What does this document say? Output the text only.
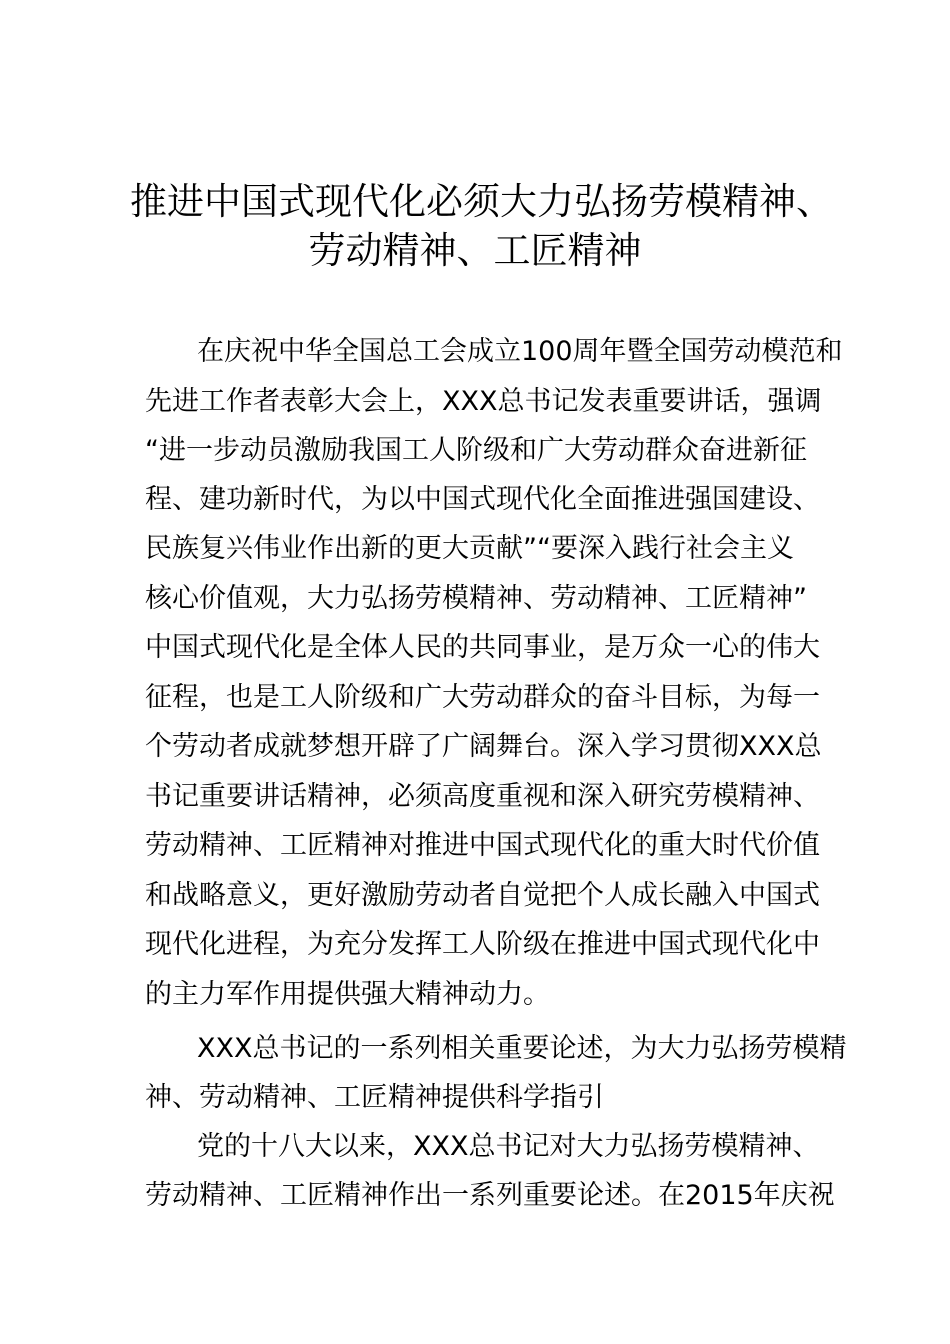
推进中国式现代化必须大力弘扬劳模精神、
劳动精神、工匠精神
在庆祝中华全国总工会成立100周年暨全国劳动模范和
先进工作者表彰大会上，XXX总书记发表重要讲话，强调
“进一步动员激励我国工人阶级和广大劳动群众奋进新征
程、建功新时代，为以中国式现代化全面推进强国建设、
民族复兴伟业作出新的更大贡献”“要深入践行社会主义
核心价值观，大力弘扬劳模精神、劳动精神、工匠精神”
中国式现代化是全体人民的共同事业，是万众一心的伟大
征程，也是工人阶级和广大劳动群众的奋斗目标，为每一
个劳动者成就梦想开辟了广阔舞台。深入学习贯彻XXX总
书记重要讲话精神，必须高度重视和深入研究劳模精神、
劳动精神、工匠精神对推进中国式现代化的重大时代价值
和战略意义，更好激励劳动者自觉把个人成长融入中国式
现代化进程，为充分发挥工人阶级在推进中国式现代化中
的主力军作用提供强大精神动力。
XXX总书记的一系列相关重要论述，为大力弘扬劳模精
神、劳动精神、工匠精神提供科学指引
党的十八大以来，XXX总书记对大力弘扬劳模精神、
劳动精神、工匠精神作出一系列重要论述。在2015年庆祝
